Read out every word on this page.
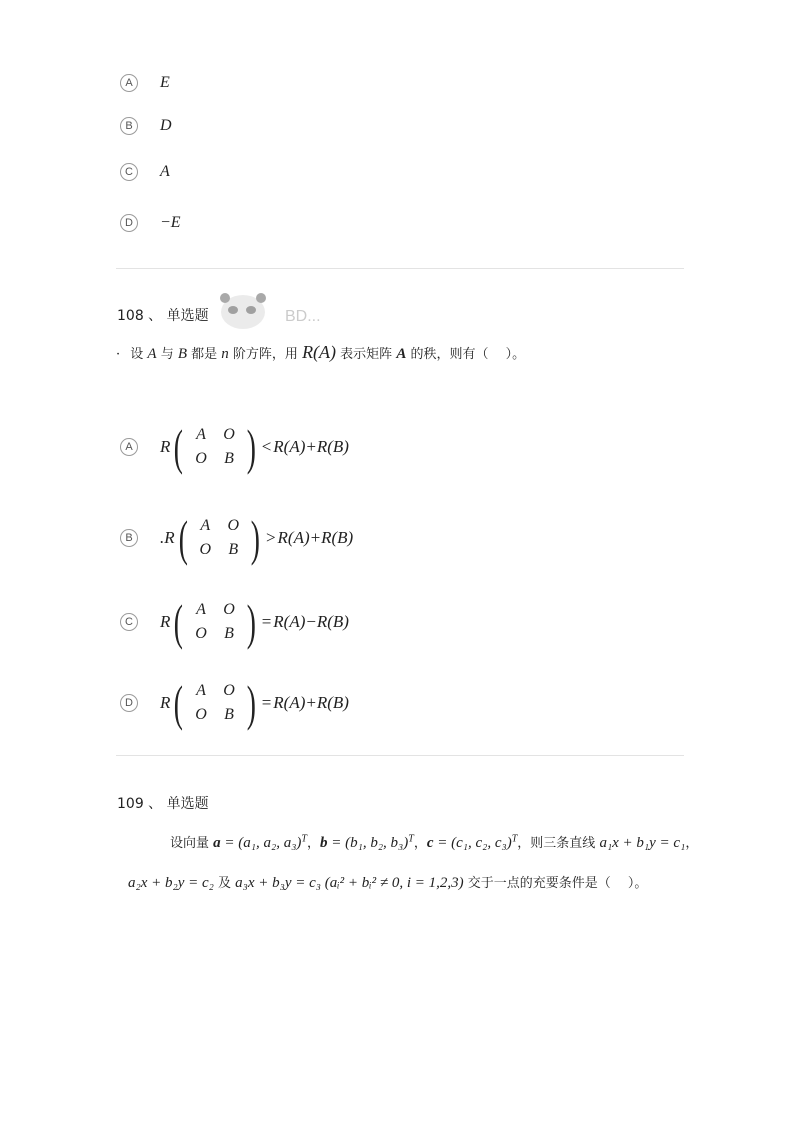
A	E
B	D
C	A
D	−E
BD...
108 、 单选题
· 设 A 与 B 都是 n 阶方阵，用 R(A) 表示矩阵 A 的秩，则有（　 ）。
A	R ( A	O
O	B ) < R(A)+R(B)
B	. R ( A	O
O	B ) > R(A)+R(B)
C R ( A	O
O	B ) = R(A)−R(B)
D R ( A	O
O	B ) = R(A)+R(B)
109 、 单选题
设向量 a = (a₁, a₂, a₃)$^T$，b = (b₁, b₂, b₃)$^T$，c = (c₁, c₂, c₃)$^T$，则三条直线 a₁x + b₁y = c₁，
a₂x + b₂y = c₂ 及 a₃x + b₃y = c₃ (aᵢ² + bᵢ² ≠ 0, i = 1,2,3) 交于一点的充要条件是（　 ）。
